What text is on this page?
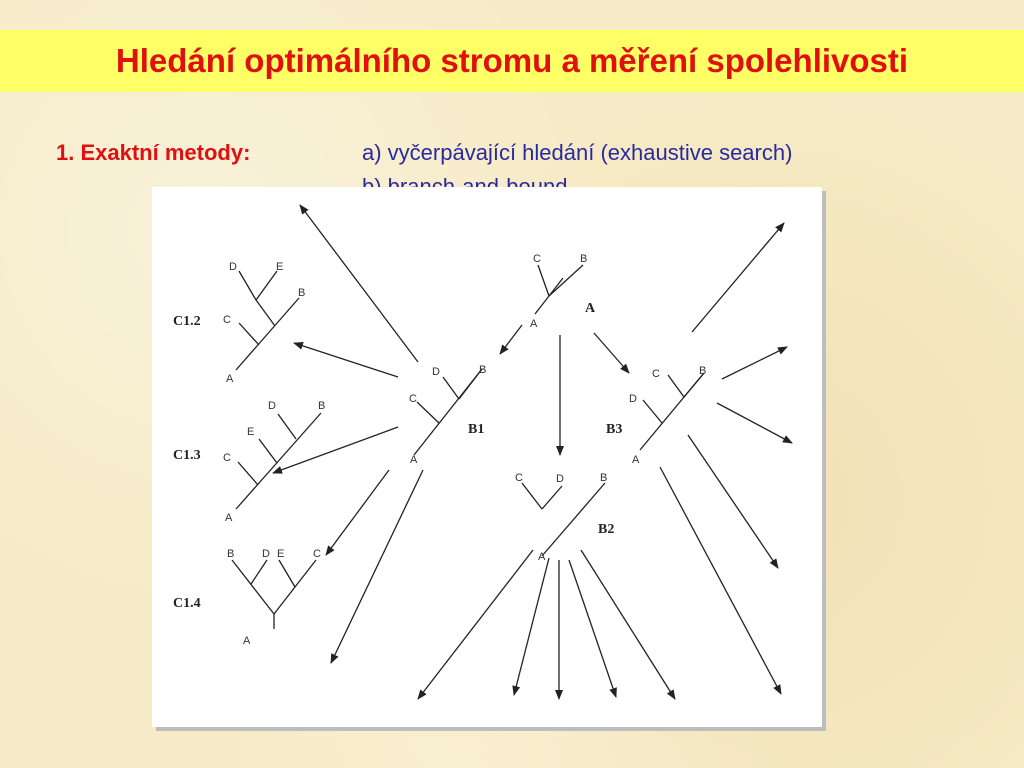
Hledání optimálního stromu a měření spolehlivosti
1. Exaktní metody:	a) vyčerpávající hledání (exhaustive search)
C	B
A
A
D	B
C
A
B1
C	D	B
A
B2
C	B
D
A
B3
D	E
B
C
A
C1.2
D	B
E
C
A
C1.3
B	D E	C
A
C1.4
